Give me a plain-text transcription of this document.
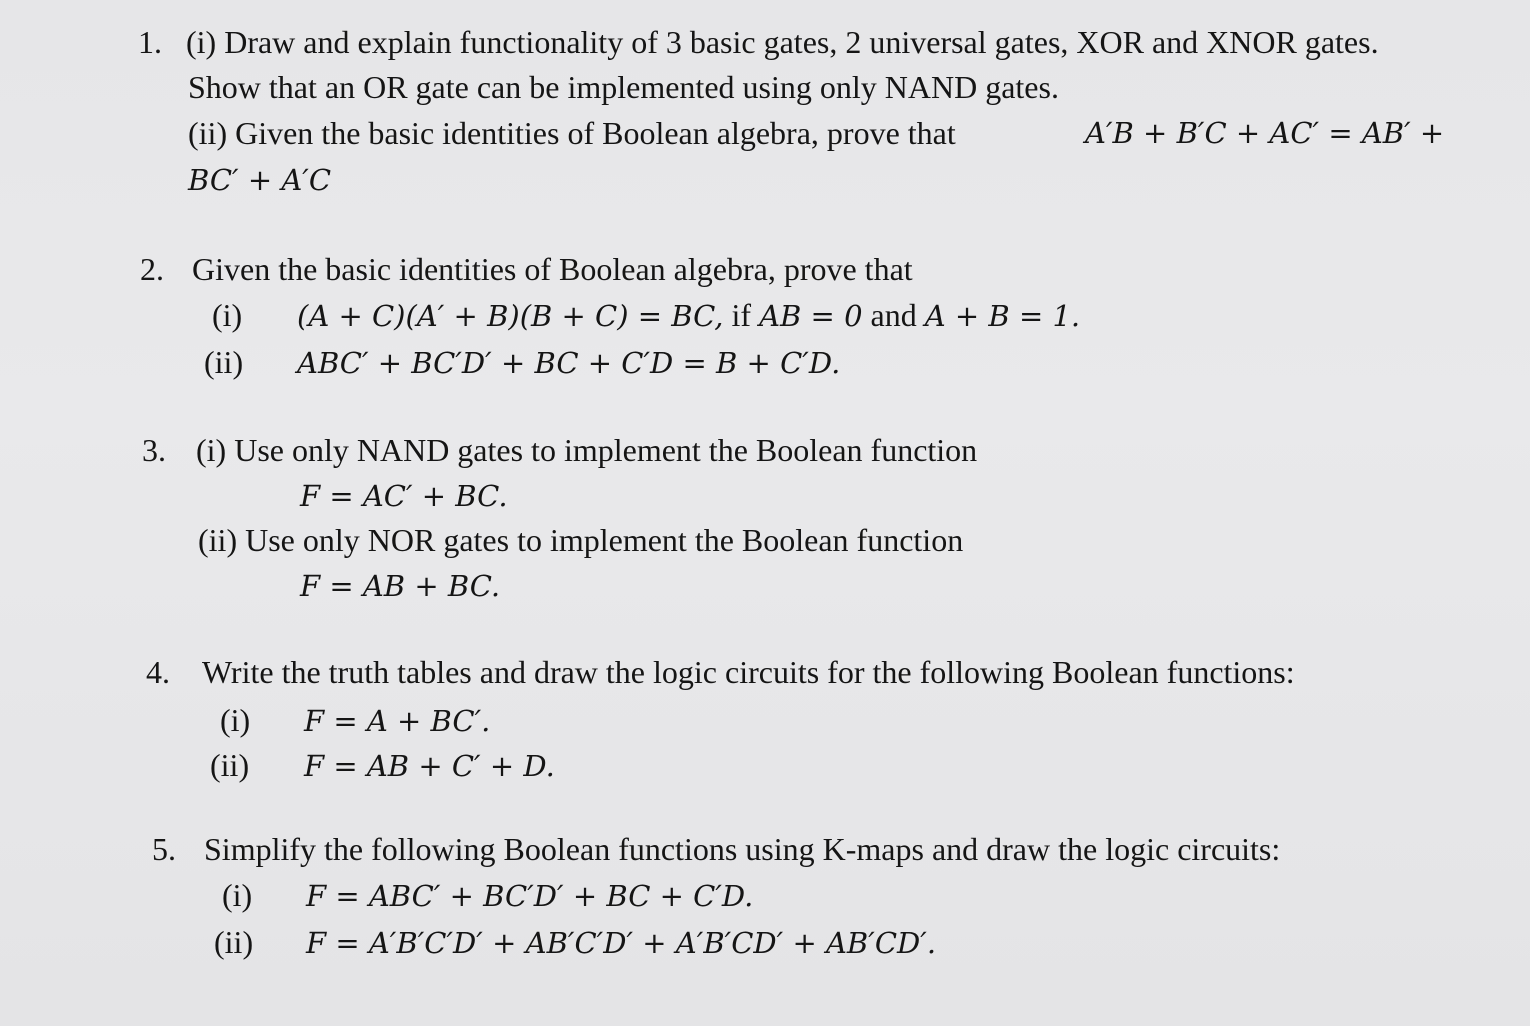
1. (i) Draw and explain functionality of 3 basic gates, 2 universal gates, XOR and XNOR gates.
Show that an OR gate can be implemented using only NAND gates.
(ii) Given the basic identities of Boolean algebra, prove that	A′B + B′C + AC′ = AB′ +
BC′ + A′C
2. Given the basic identities of Boolean algebra, prove that
(i) (A + C)(A′ + B)(B + C) = BC, if AB = 0 and A + B = 1.
(ii) ABC′ + BC′D′ + BC + C′D = B + C′D.
3. (i) Use only NAND gates to implement the Boolean function
F = AC′ + BC.
(ii) Use only NOR gates to implement the Boolean function
F = AB + BC.
4. Write the truth tables and draw the logic circuits for the following Boolean functions:
(i) F = A + BC′.
(ii) F = AB + C′ + D.
5. Simplify the following Boolean functions using K-maps and draw the logic circuits:
(i) F = ABC′ + BC′D′ + BC + C′D.
(ii) F = A′B′C′D′ + AB′C′D′ + A′B′CD′ + AB′CD′.
